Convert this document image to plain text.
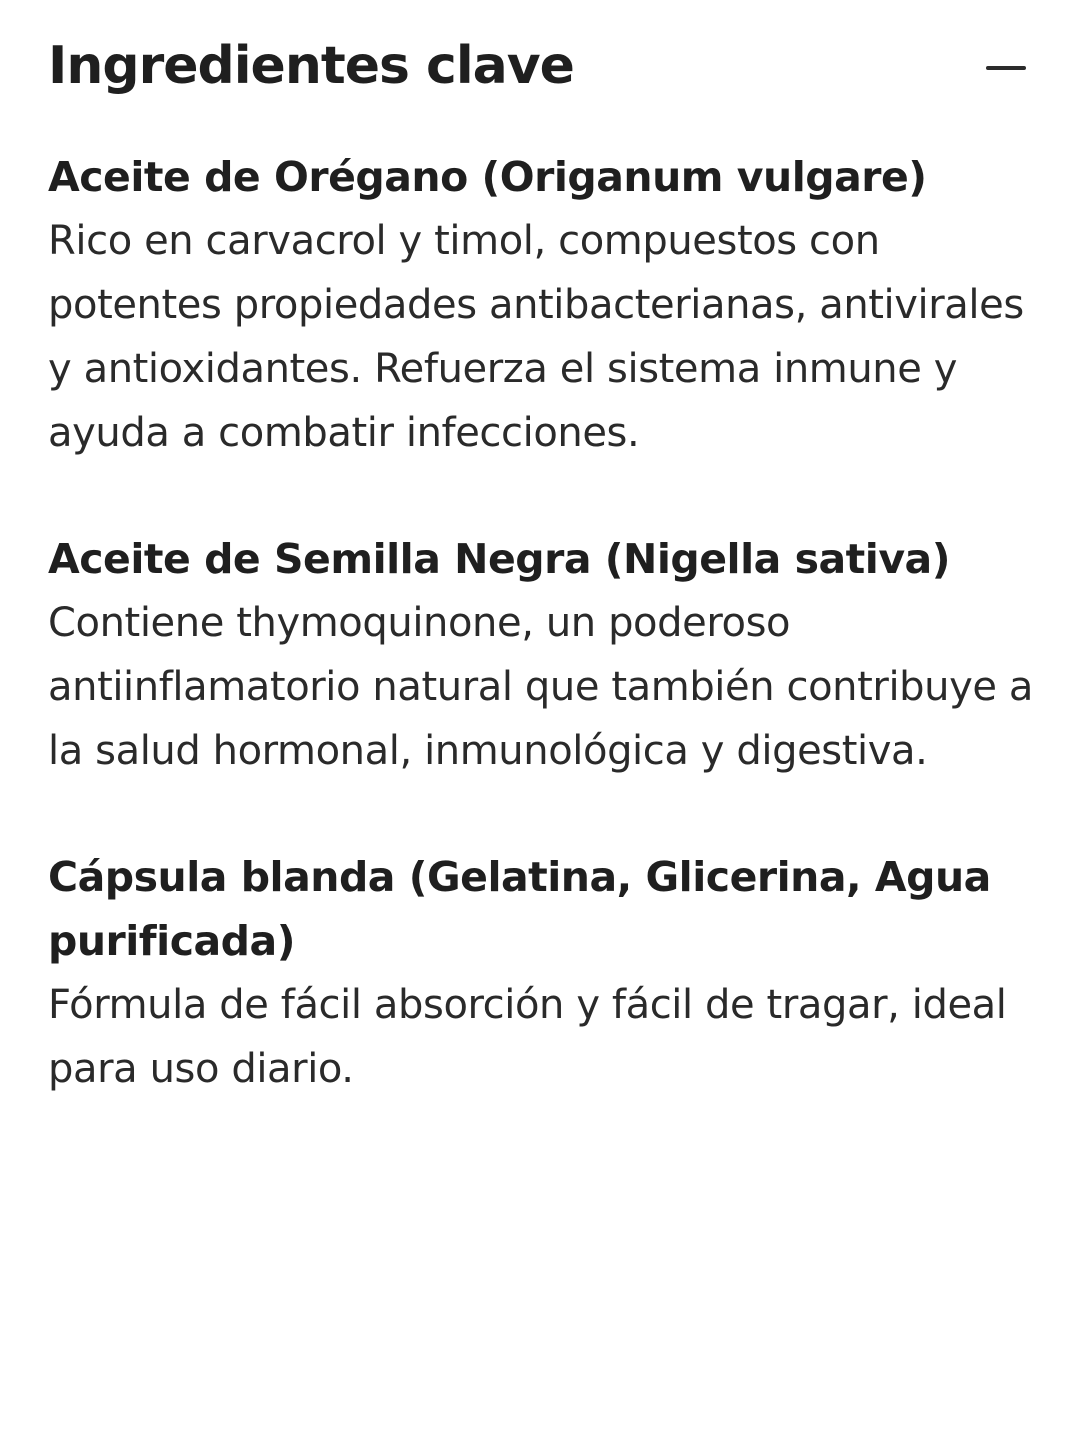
Ingredientes clave

Aceite de Orégano (Origanum vulgare)

Rico en carvacrol y timol, compuestos con potentes propiedades antibacterianas, antivirales y antioxidantes. Refuerza el sistema inmune y ayuda a combatir infecciones.

Aceite de Semilla Negra (Nigella sativa)

Contiene thymoquinone, un poderoso antiinflamatorio natural que también contribuye a la salud hormonal, inmunológica y digestiva.

Cápsula blanda (Gelatina, Glicerina, Agua purificada)

Fórmula de fácil absorción y fácil de tragar, ideal para uso diario.
